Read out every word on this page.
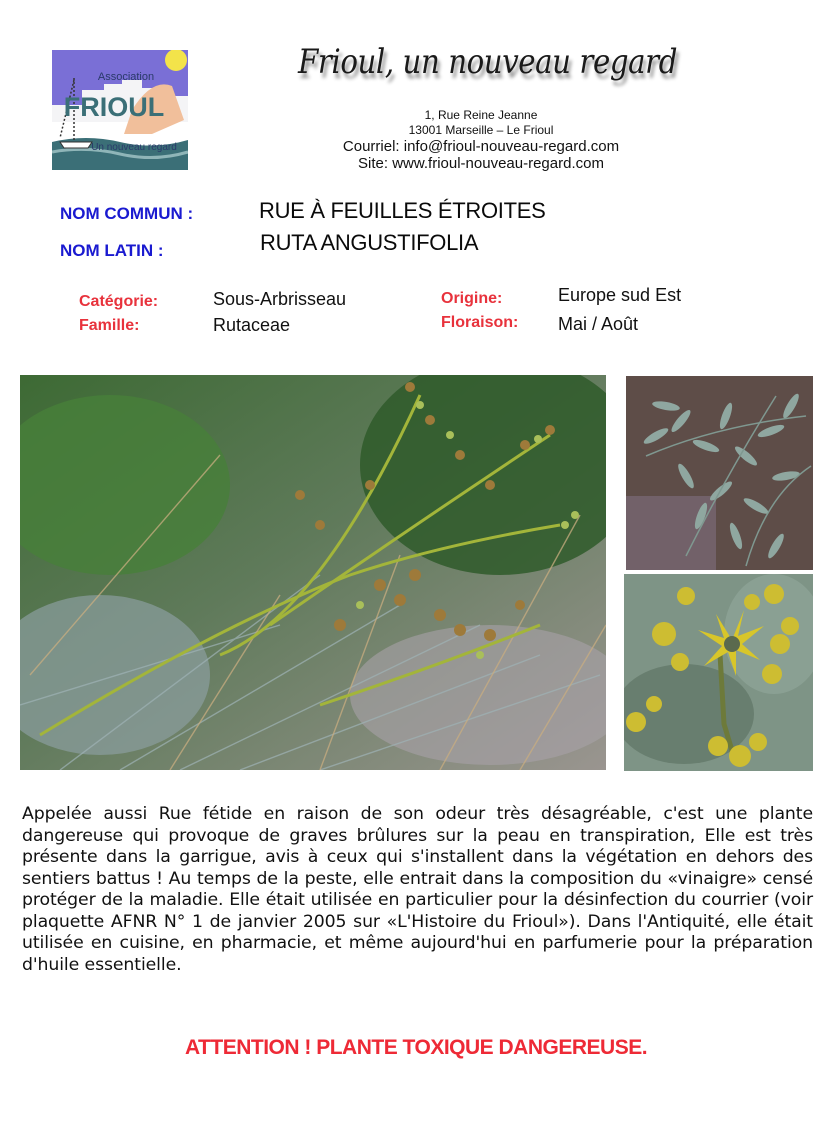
Association
FRIOUL
Un nouveau regard
Frioul, un nouveau regard
1, Rue Reine Jeanne
13001 Marseille – Le Frioul
Courriel: info@frioul-nouveau-regard.com
Site: www.frioul-nouveau-regard.com
NOM COMMUN :	RUE À FEUILLES ÉTROITES
NOM LATIN :	RUTA ANGUSTIFOLIA
Catégorie:	Sous-Arbrisseau
Famille:	Rutaceae
Origine:	Europe sud Est
Floraison: Mai / Août

Appelée aussi Rue fétide en raison de son odeur très désagréable, c'est une plante dangereuse qui provoque de graves brûlures sur la peau en transpiration, Elle est très présente dans la garrigue, avis à ceux qui s'installent dans la végétation en dehors des sentiers battus ! Au temps de la peste, elle entrait dans la composition du «vinaigre» censé protéger de la maladie. Elle était utilisée en particulier pour la désinfection du courrier (voir plaquette AFNR N° 1 de janvier 2005 sur «L'Histoire du Frioul»). Dans l'Antiquité, elle était utilisée en cuisine, en pharmacie, et même aujourd'hui en parfumerie pour la préparation d'huile essentielle.

ATTENTION ! PLANTE TOXIQUE DANGEREUSE.
